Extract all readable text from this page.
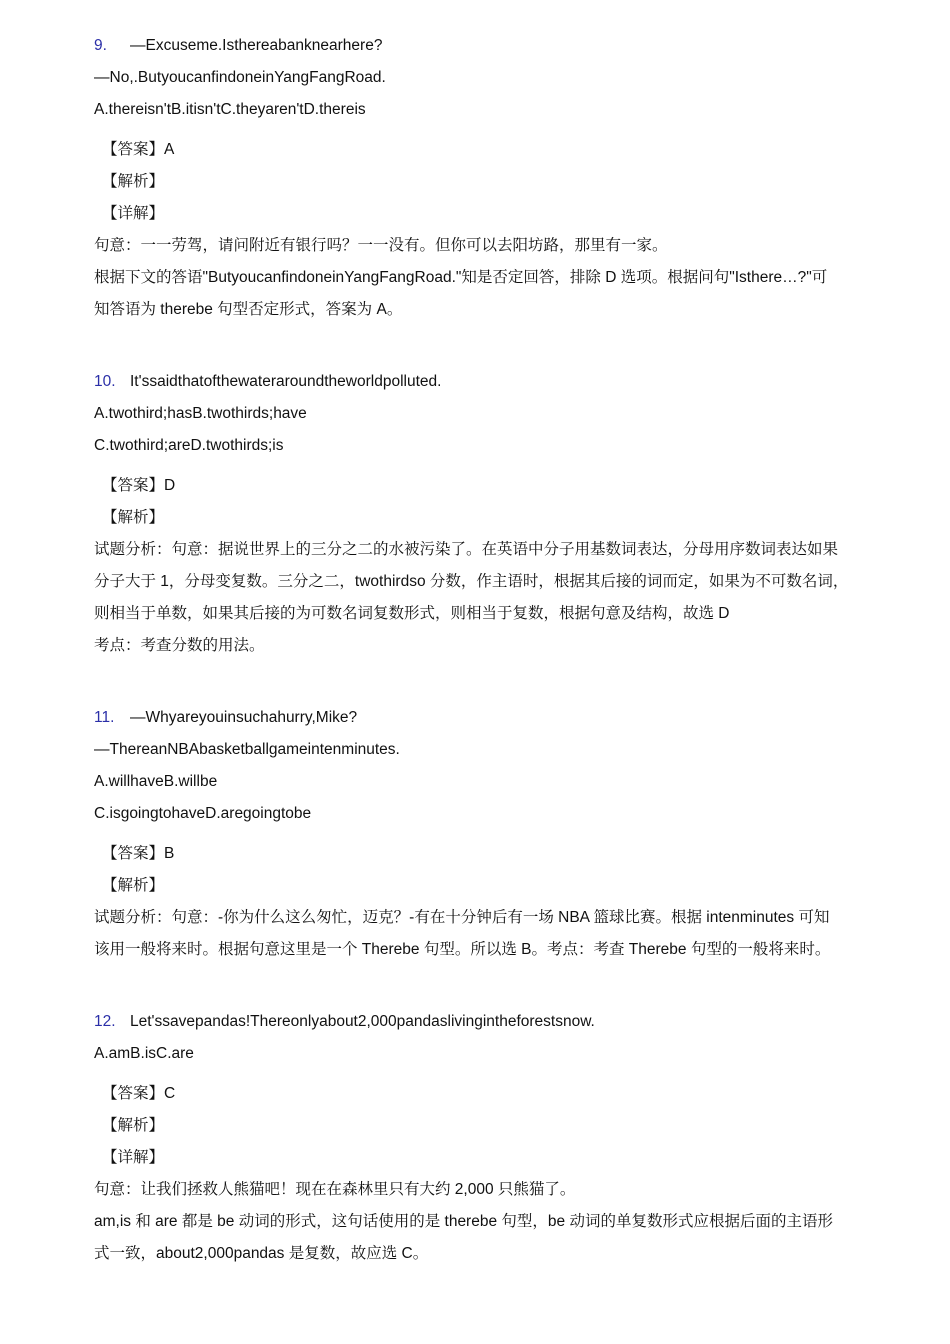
9. —Excuseme.Isthereabanknearhere?
—No,.ButyoucanfindoneinYangFangRoad.
A.thereisn'tB.itisn'tC.theyaren'tD.thereis
【答案】A
【解析】
【详解】
句意：一一劳驾，请问附近有银行吗？一一没有。但你可以去阳坊路，那里有一家。
根据下文的答语"ButyoucanfindoneinYangFangRoad."知是否定回答，排除 D 选项。根据问句"Isthere…?"可
知答语为 therebe 句型否定形式，答案为 A。
10. It'ssaidthatofthewateraroundtheworldpolluted.
A.twothird;hasB.twothirds;have
C.twothird;areD.twothirds;is
【答案】D
【解析】
试题分析：句意：据说世界上的三分之二的水被污染了。在英语中分子用基数词表达，分母用序数词表达如果
分子大于 1，分母变复数。三分之二，twothirdso 分数，作主语时，根据其后接的词而定，如果为不可数名词，
则相当于单数，如果其后接的为可数名词复数形式，则相当于复数，根据句意及结构，故选 D
考点：考查分数的用法。
11. —Whyareyouinsuchahurry,Mike?
—ThereanNBAbasketballgameintenminutes.
A.willhaveB.willbe
C.isgoingtohaveD.aregoingtobe
【答案】B
【解析】
试题分析：句意：-你为什么这么匆忙，迈克？-有在十分钟后有一场 NBA 篮球比赛。根据 intenminutes 可知
该用一般将来时。根据句意这里是一个 Therebe 句型。所以选 B。考点：考查 Therebe 句型的一般将来时。
12. Let'ssavepandas!Thereonlyabout2,000pandaslivingintheforestsnow.
A.amB.isC.are
【答案】C
【解析】
【详解】
句意：让我们拯救人熊猫吧！现在在森林里只有大约 2,000 只熊猫了。
am,is 和 are 都是 be 动词的形式，这句话使用的是 therebe 句型，be 动词的单复数形式应根据后面的主语形
式一致，about2,000pandas 是复数，故应选 C。
